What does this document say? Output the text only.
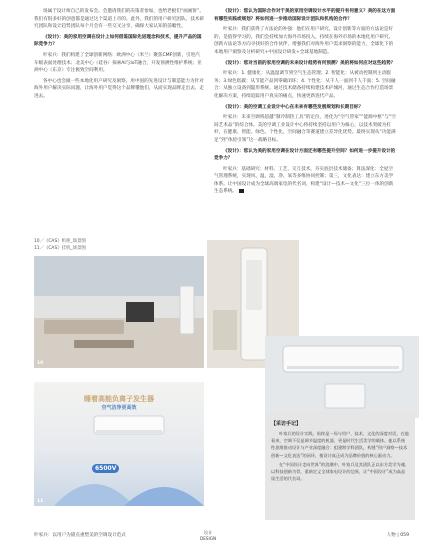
场属于设计师自己的发布会。会邀请我们的决策者参加，也给老板们“画画饼”。我们有很多好的创意都是通过这个渠道上市的。此外，我们的用户研究团队、技术研究团队和设计趋势团队每个月会有一些交叉分享，确保大家认知的前瞻性。

《设计》：美的家用空调在设计上如何借鉴国际先进理念和技术，提升产品的国际竞争力？

叶家兵：我们构建了全球创新网络：欧洲中心（米兰）聚焦CMF创新，引进汽车级表面处理技术；北美中心（硅谷）探索AI与IoT融合，开发预测性维护系统；亚洲中心（东京）专注极致空间利用。

各中心也会做一些本地化用户研究及洞察，用中国的先进设计与制造能力为针对海外用户解决实际问题，让海外用户觉得这个品牌懂他们，从而实现品牌走出去、走进去。

10／《CAS》机柜_场景图
11／《CAS》挂机_场景图
10
睡着高能负离子发生器
空气洁净更高效
6500V
11

《设计》：您认为国际合作对于美的家用空调设计水平的提升有何意义？美的在这方面有哪些实践或规划？将如何进一步推动国际设计团队和机构的合作？

叶家兵：我们获得了方法论的补强：他们在用户研究、设计创新等方面的方法论是好的，是值得学习的。我们会持续加大海外市场投入，持续在海外市场的本地化用户研究、创新方法论等方向寻找好的合作伙伴，增强我们对海外用户需求洞察的能力，全球化下的本地用户洞察及分析研究+中国设计研发+全球基地制造。

《设计》：您对当前的家用空调的未来设计趋势有何预测？美的将如何应对这些趋势？

叶家兵：1. 健康化：从温湿调节到空气生态管理；2. 智能化：从被动控制到主动服务；3.绿色低碳：从节能产品到零碳闭环；4. 个性化：从千人一面到千人千面；5. 空间融合：从独立设备到隐形系统。通过技术储备持续构建技术护城河，通过生态合作打造场景化解决方案，持续追踪用户真实的痛点，快速更新迭代产品。

《设计》：美的空调工业设计中心在未来有哪些发展规划和长期目标？

叶家兵：未来空调将超越“制冷制热工具”的定位，进化为“空气管家”“能源中枢”与“空间艺术品”的综合体。美的空调工业设计中心将持续坚持以用户为核心，以技术突破为杠杆，在健康、智能、绿色、个性化、空间融合等赛道建立差异化优势。最终实现从“功能满足”到“体验引领”这一战略目标。

《设计》：您认为美的家用空调在设计方面还有哪些提升空间？如何进一步提升设计的竞争力？

叶家兵：基础研究：材料、工艺、交互技术，夯实底层技术储备；算法深化：全屋空气管理系统，实现风、温、湿、净、氧等多维协同控制；第三，文化表达：建立东方美学体系。让中国设计成为全球高端家电的代名词，构建“设计—技术—文化”三位一体的创新生态系统。

【采访手记】

叶家兵的设计实践，始终是一场与用户、技术、文化的深度对话。在他看来，空调不仅是调节温度的机器，更是时代生活美学的载体。他以系统性思维推动设计与产业深度融合：组建跨学科团队，构建“用户洞察—技术创新—文化表达”的闭环，使设计真正成为品牌价值的核心驱动力。

在“中国设计走向世界”的浪潮中，叶家兵及其团队正以东方美学为魂、以科技创新为骨，重新定义全球家电设计的边界，让“中国设计”成为高品质生活的代名词。

叶家兵：以用户为锚点重塑美的空调设计范式
设计
DESIGN
人物 | 059
